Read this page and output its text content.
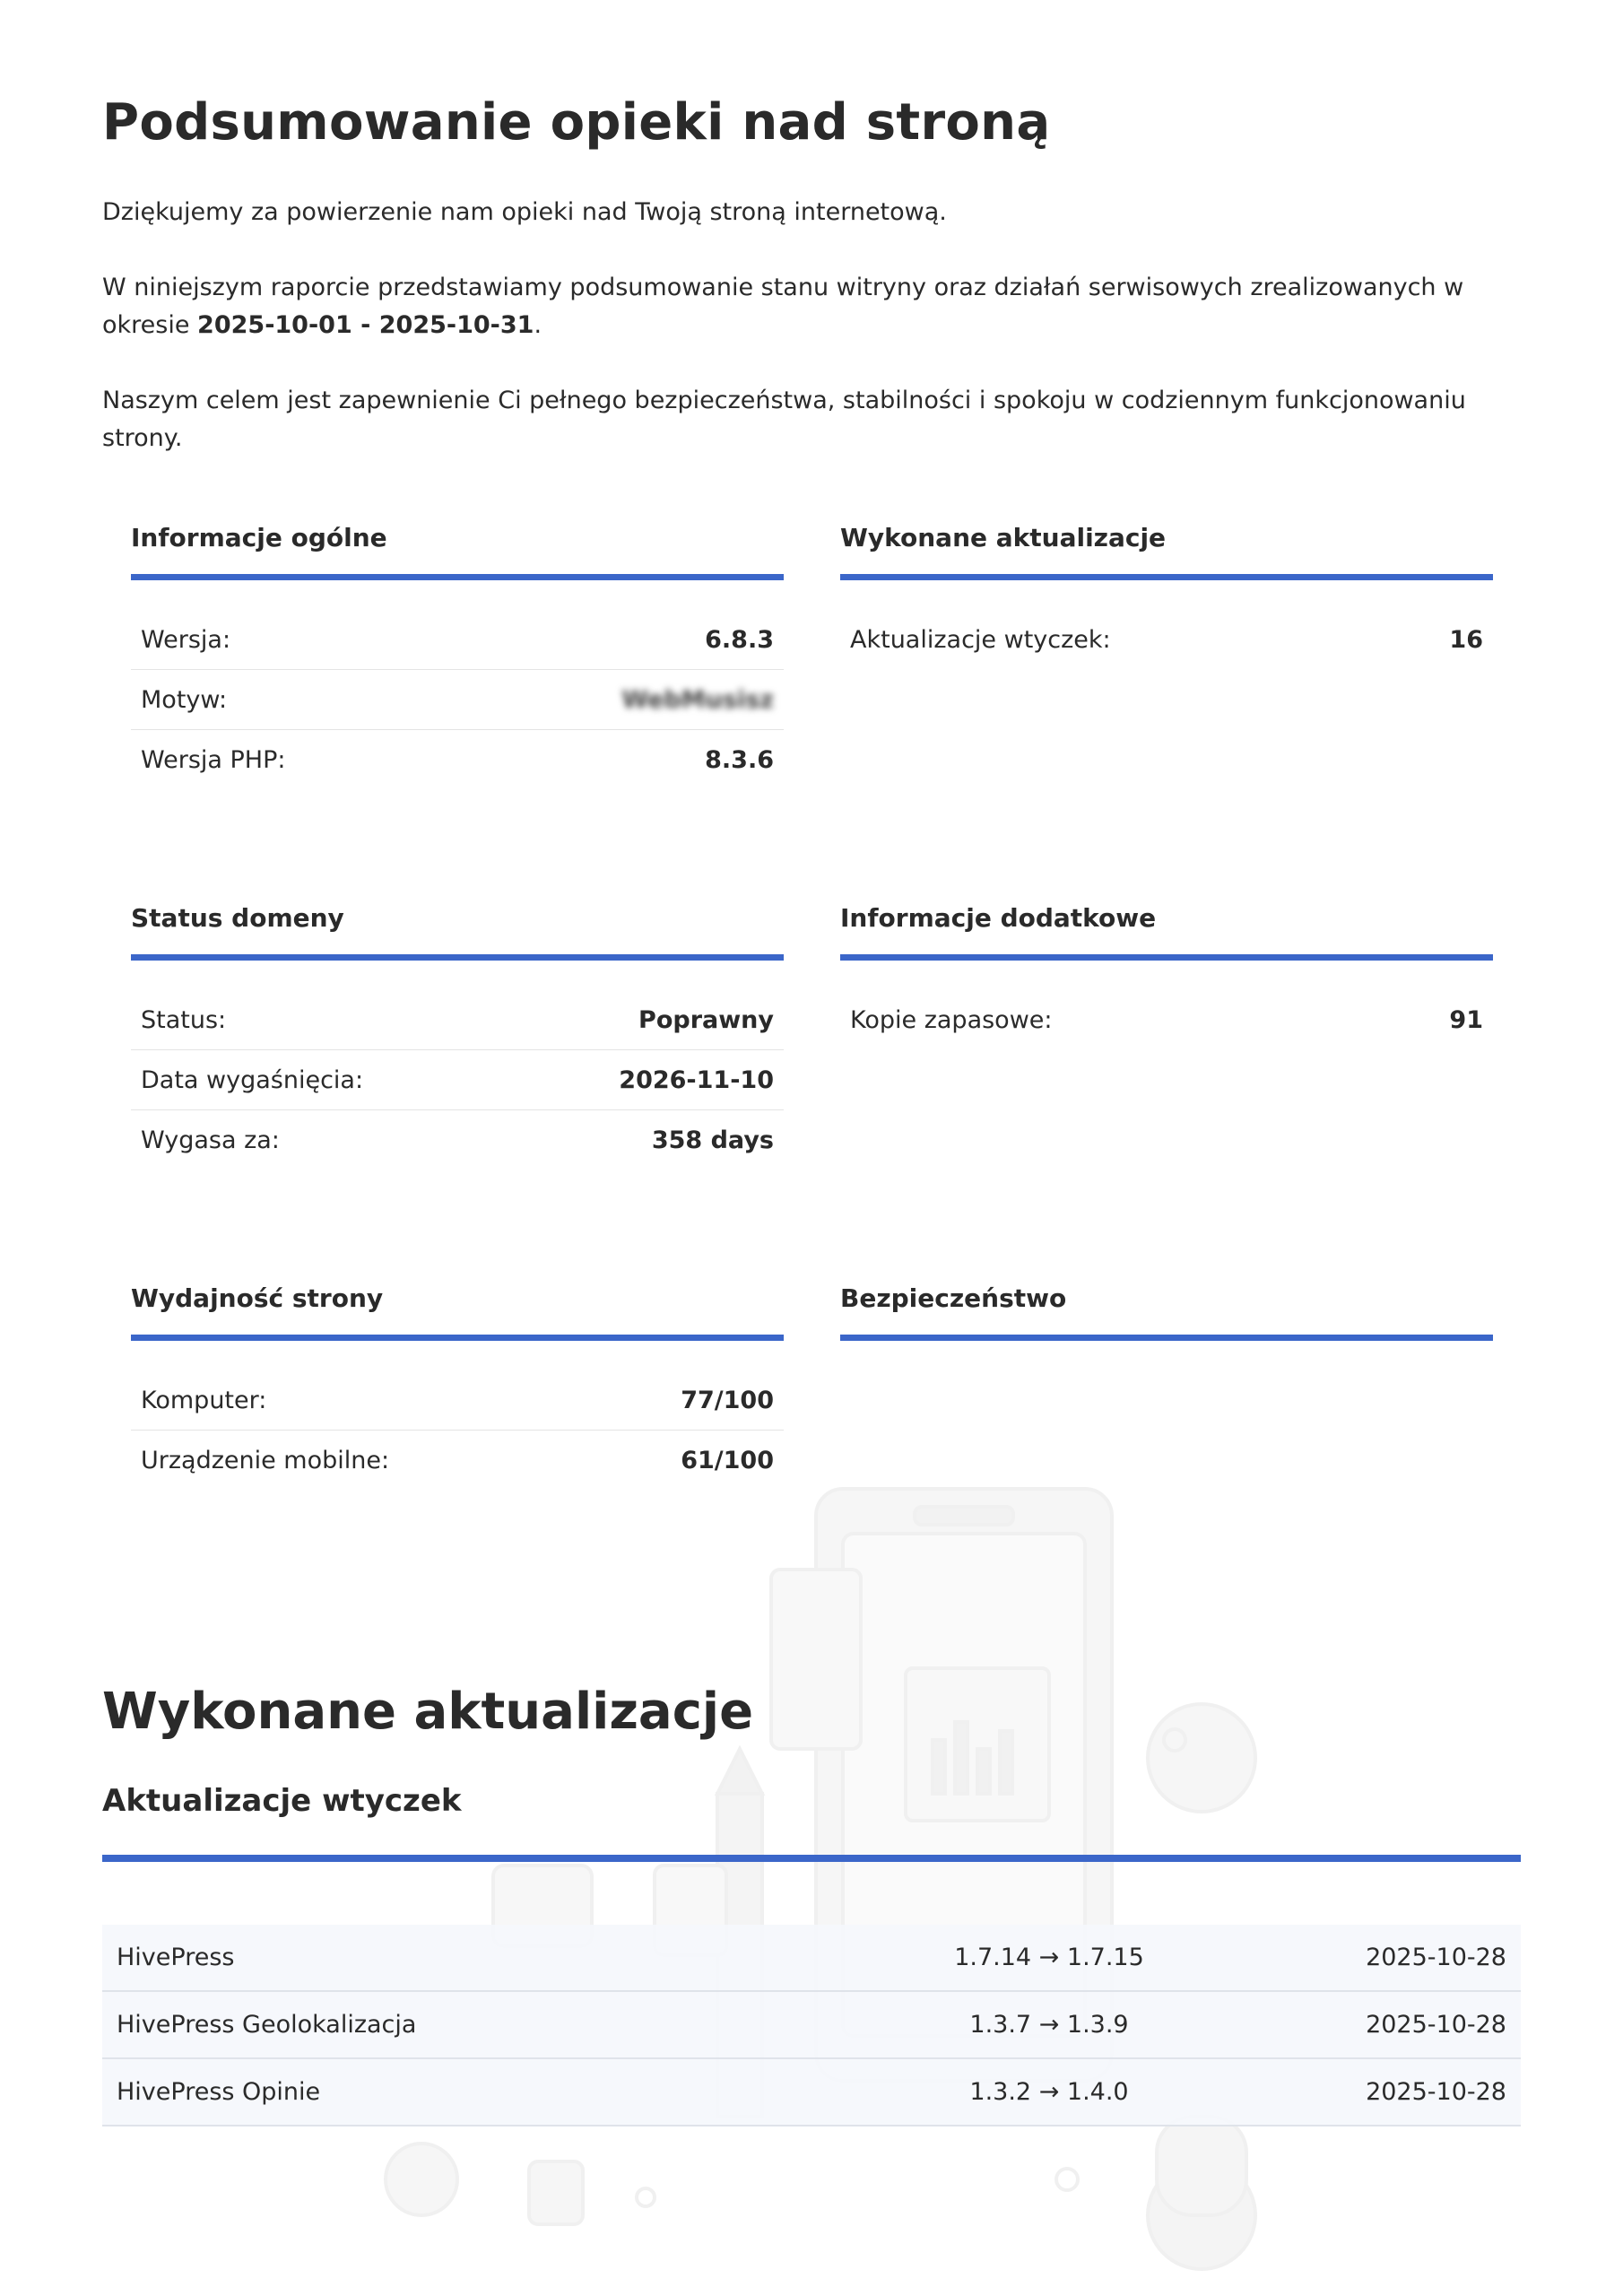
Podsumowanie opieki nad stroną

Dziękujemy za powierzenie nam opieki nad Twoją stroną internetową.

W niniejszym raporcie przedstawiamy podsumowanie stanu witryny oraz działań serwisowych zrealizowanych w okresie 2025-10-01 - 2025-10-31.

Naszym celem jest zapewnienie Ci pełnego bezpieczeństwa, stabilności i spokoju w codziennym funkcjonowaniu strony.

Informacje ogólne
Wersja:	6.8.3
Motyw:	WebMusisz
Wersja PHP:	8.3.6
Wykonane aktualizacje
Aktualizacje wtyczek:	16
Status domeny
Status:	Poprawny
Data wygaśnięcia:	2026-11-10
Wygasa za:	358 days
Informacje dodatkowe
Kopie zapasowe:	91
Wydajność strony
Komputer:	77/100
Urządzenie mobilne:	61/100
Bezpieczeństwo
Wykonane aktualizacje
Aktualizacje wtyczek
HivePress	1.7.14 → 1.7.15	2025-10-28
HivePress Geolokalizacja	1.3.7 → 1.3.9	2025-10-28
HivePress Opinie	1.3.2 → 1.4.0	2025-10-28
